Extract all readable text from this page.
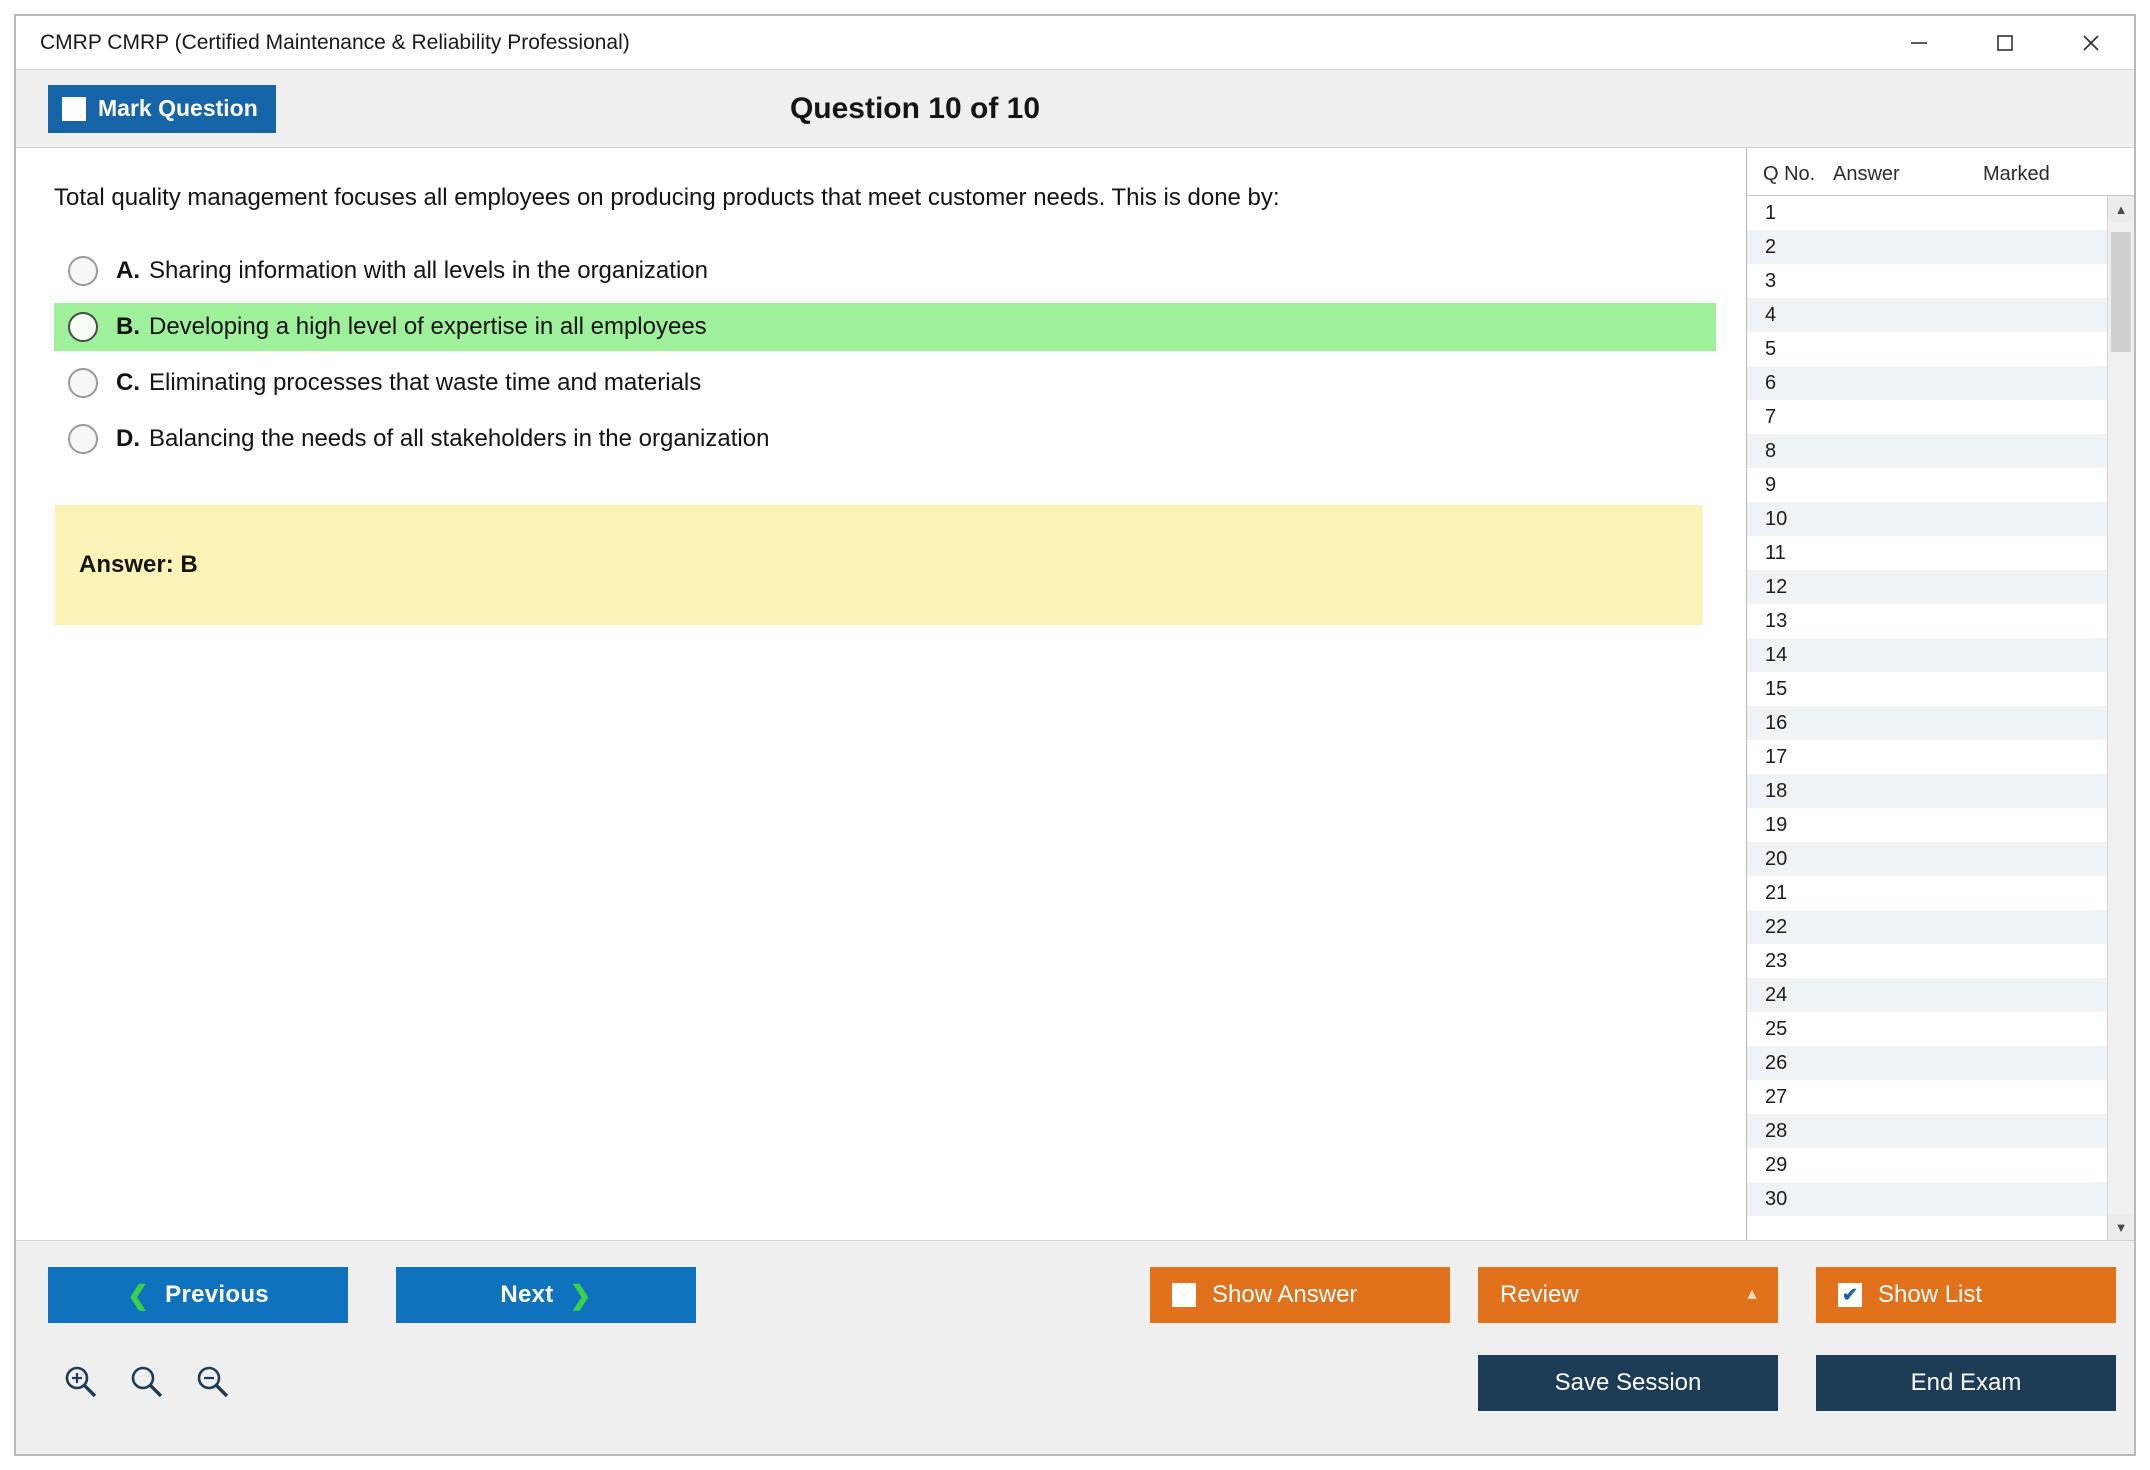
CMRP CMRP (Certified Maintenance & Reliability Professional)
Mark Question	Question 10 of 10
Total quality management focuses all employees on producing products that meet customer needs. This is done by:
A. Sharing information with all levels in the organization
B. Developing a high level of expertise in all employees
C. Eliminating processes that waste time and materials
D. Balancing the needs of all stakeholders in the organization
Answer: B
Q No. Answer	Marked
1
2
3
4
5
6
7
8
9
10
11
12
13
14
15
16
17
18
19
20
21
22
23
24
25
26
27
28
29
30
▲
▼
❮ Previous	Next ❯	Show Answer	Review	▲	✔ Show List
Save Session	End Exam
